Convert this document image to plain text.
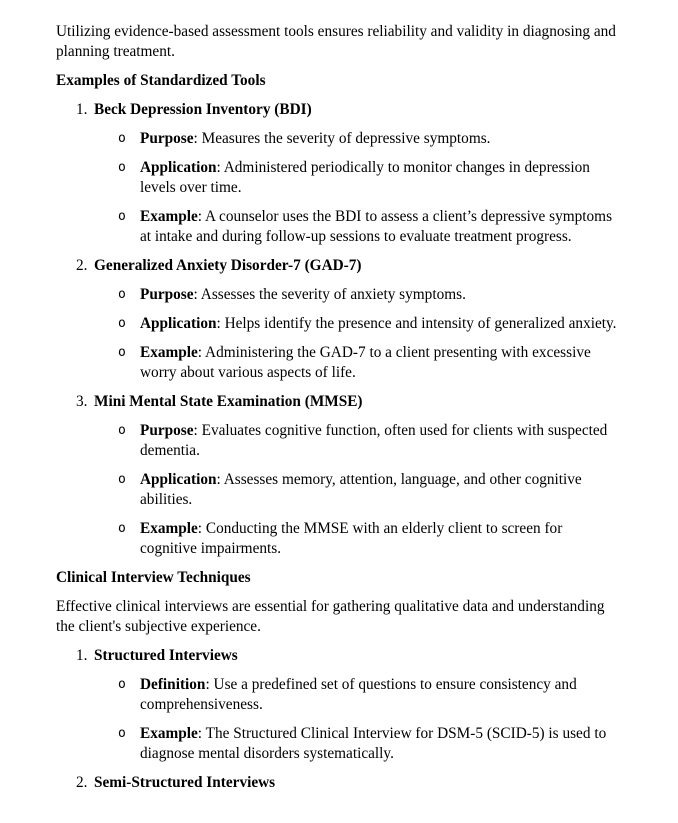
Utilizing evidence-based assessment tools ensures reliability and validity in diagnosing and planning treatment.

Examples of Standardized Tools

1. Beck Depression Inventory (BDI)
o Purpose: Measures the severity of depressive symptoms.
o Application: Administered periodically to monitor changes in depression levels over time.
o Example: A counselor uses the BDI to assess a client’s depressive symptoms at intake and during follow-up sessions to evaluate treatment progress.
2. Generalized Anxiety Disorder-7 (GAD-7)
o Purpose: Assesses the severity of anxiety symptoms.
o Application: Helps identify the presence and intensity of generalized anxiety.
o Example: Administering the GAD-7 to a client presenting with excessive worry about various aspects of life.
3. Mini Mental State Examination (MMSE)
o Purpose: Evaluates cognitive function, often used for clients with suspected dementia.
o Application: Assesses memory, attention, language, and other cognitive abilities.
o Example: Conducting the MMSE with an elderly client to screen for cognitive impairments.

Clinical Interview Techniques

Effective clinical interviews are essential for gathering qualitative data and understanding the client's subjective experience.

1. Structured Interviews
o Definition: Use a predefined set of questions to ensure consistency and comprehensiveness.
o Example: The Structured Clinical Interview for DSM-5 (SCID-5) is used to diagnose mental disorders systematically.
2. Semi-Structured Interviews
